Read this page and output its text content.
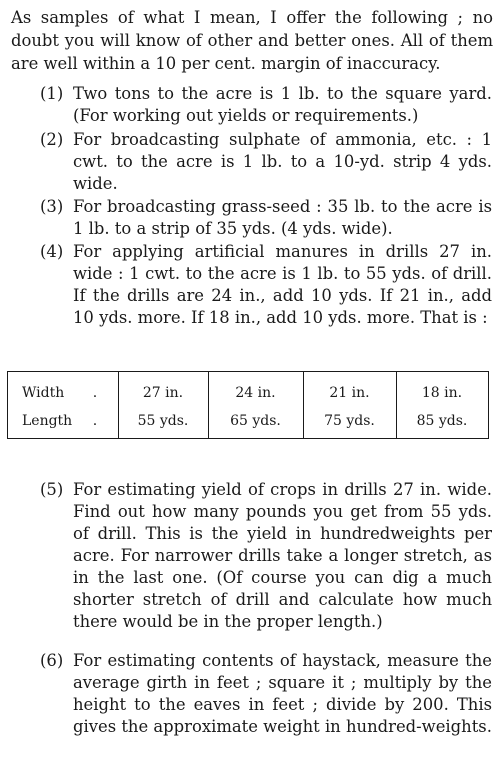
As samples of what I mean, I offer the following ; no doubt you will know of other and better ones. All of them are well within a 10 per cent. margin of inaccuracy.

(1) Two tons to the acre is 1 lb. to the square yard. (For working out yields or requirements.)
(2) For broadcasting sulphate of ammonia, etc. : 1 cwt. to the acre is 1 lb. to a 10-yd. strip 4 yds. wide.
(3) For broadcasting grass-seed : 35 lb. to the acre is 1 lb. to a strip of 35 yds. (4 yds. wide).
(4) For applying artificial manures in drills 27 in. wide : 1 cwt. to the acre is 1 lb. to 55 yds. of drill. If the drills are 24 in., add 10 yds. If 21 in., add 10 yds. more. If 18 in., add 10 yds. more. That is :
Width	.	27 in.	24 in.	21 in.	18 in.
Length	.	55 yds.	65 yds.	75 yds.	85 yds.
(5) For estimating yield of crops in drills 27 in. wide. Find out how many pounds you get from 55 yds. of drill. This is the yield in hundredweights per acre. For narrower drills take a longer stretch, as in the last one. (Of course you can dig a much shorter stretch of drill and calculate how much there would be in the proper length.)
(6) For estimating contents of haystack, measure the average girth in feet ; square it ; multiply by the height to the eaves in feet ; divide by 200. This gives the approximate weight in hundred-weights.
